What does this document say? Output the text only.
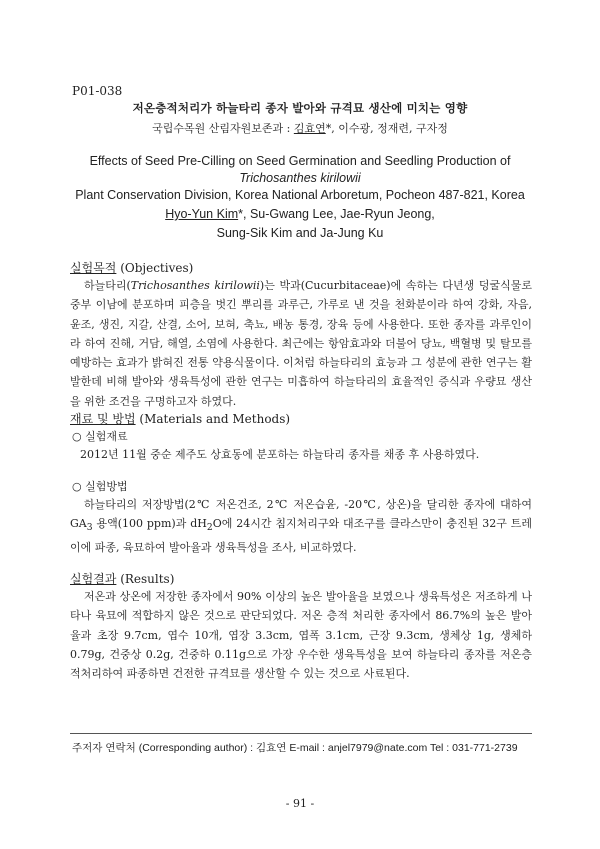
P01-038
저온층적처리가 하늘타리 종자 발아와 규격묘 생산에 미치는 영향
국립수목원 산림자원보존과 : 김효연*, 이수광, 정재련, 구자정
Effects of Seed Pre-Cilling on Seed Germination and Seedling Production of
Trichosanthes kirilowii
Plant Conservation Division, Korea National Arboretum, Pocheon 487-821, Korea
Hyo-Yun Kim*, Su-Gwang Lee, Jae-Ryun Jeong,
Sung-Sik Kim and Ja-Jung Ku
실험목적 (Objectives)
하늘타리(Trichosanthes kirilowii)는 박과(Cucurbitaceae)에 속하는 다년생 덩굴식물로 중부 이남에 분포하며 피층을 벗긴 뿌리를 과루근, 가루로 낸 것을 천화분이라 하여 강화, 자음, 윤조, 생진, 지갈, 산결, 소어, 보혀, 축뇨, 배농 통경, 장육 등에 사용한다. 또한 종자를 과루인이라 하여 진해, 거담, 해열, 소염에 사용한다. 최근에는 항암효과와 더불어 당뇨, 백혈병 및 탈모를 예방하는 효과가 밝혀진 전통 약용식물이다. 이처럼 하늘타리의 효능과 그 성분에 관한 연구는 활발한데 비해 발아와 생육특성에 관한 연구는 미흡하여 하늘타리의 효율적인 증식과 우량묘 생산을 위한 조건을 구명하고자 하였다.
재료 및 방법 (Materials and Methods)
○ 실험재료
2012년 11월 중순 제주도 상효동에 분포하는 하늘타리 종자를 채종 후 사용하였다.
○ 실험방법
하늘타리의 저장방법(2℃ 저온건조, 2℃ 저온습윤, -20℃, 상온)을 달리한 종자에 대하여 $GA_3$ 용액(100 ppm)과 $dH_2O$에 24시간 침지처리구와 대조구를 클라스만이 충진된 32구 트레이에 파종, 육묘하여 발아율과 생육특성을 조사, 비교하였다.
실험결과 (Results)
저온과 상온에 저장한 종자에서 90% 이상의 높은 발아율을 보였으나 생육특성은 저조하게 나타나 육묘에 적합하지 않은 것으로 판단되었다. 저온 층적 처리한 종자에서 86.7%의 높은 발아율과 초장 9.7cm, 엽수 10개, 엽장 3.3cm, 엽폭 3.1cm, 근장 9.3cm, 생체상 1g, 생체하 0.79g, 건중상 0.2g, 건중하 0.11g으로 가장 우수한 생육특성을 보여 하늘타리 종자를 저온층적처리하여 파종하면 건전한 규격묘를 생산할 수 있는 것으로 사료된다.
주저자 연락처 (Corresponding author) : 김효연 E-mail : anjel7979@nate.com Tel : 031-771-2739
- 91 -
